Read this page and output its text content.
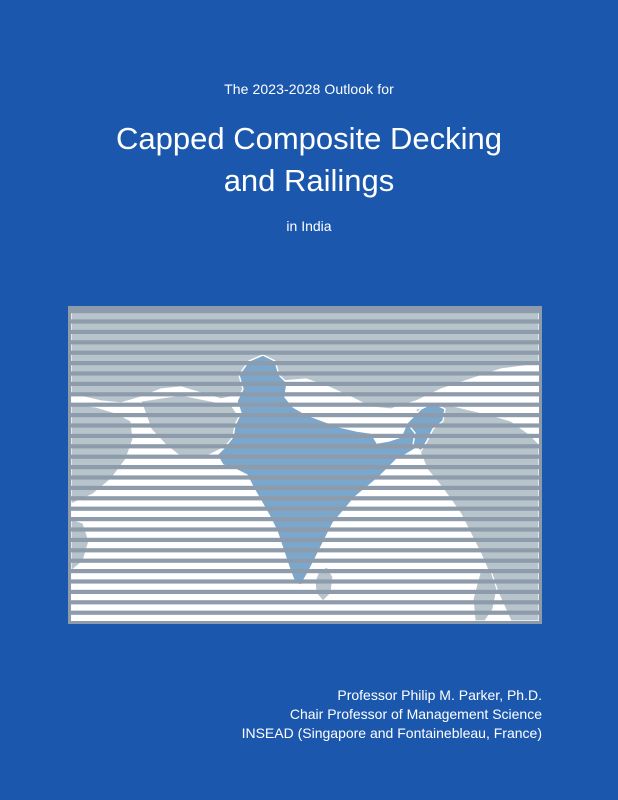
The 2023-2028 Outlook for
Capped Composite Decking
and Railings
in India
Professor Philip M. Parker, Ph.D.
Chair Professor of Management Science
INSEAD (Singapore and Fontainebleau, France)
